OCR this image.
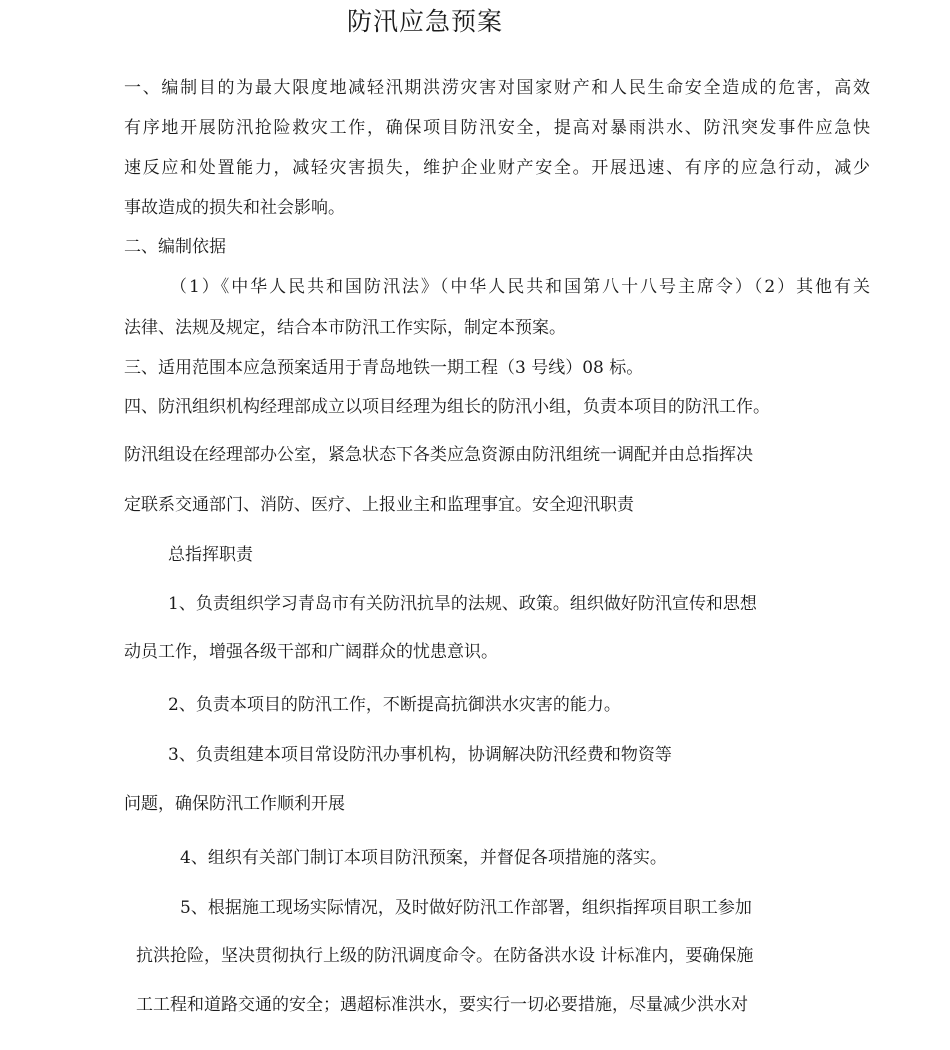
防汛应急预案
一、编制目的为最大限度地减轻汛期洪涝灾害对国家财产和人民生命安全造成的危害，高效
有序地开展防汛抢险救灾工作，确保项目防汛安全，提高对暴雨洪水、防汛突发事件应急快
速反应和处置能力，减轻灾害损失，维护企业财产安全。开展迅速、有序的应急行动，减少
事故造成的损失和社会影响。
二、编制依据
（1）《中华人民共和国防汛法》（中华人民共和国第八十八号主席令）（2）其他有关
法律、法规及规定，结合本市防汛工作实际，制定本预案。
三、适用范围本应急预案适用于青岛地铁一期工程（3 号线）08 标。
四、防汛组织机构经理部成立以项目经理为组长的防汛小组，负责本项目的防汛工作。
防汛组设在经理部办公室，紧急状态下各类应急资源由防汛组统一调配并由总指挥决
定联系交通部门、消防、医疗、上报业主和监理事宜。安全迎汛职责
总指挥职责
1、负责组织学习青岛市有关防汛抗旱的法规、政策。组织做好防汛宣传和思想
动员工作，增强各级干部和广阔群众的忧患意识。
2、负责本项目的防汛工作，不断提高抗御洪水灾害的能力。
3、负责组建本项目常设防汛办事机构，协调解决防汛经费和物资等
问题，确保防汛工作顺利开展
4、组织有关部门制订本项目防汛预案，并督促各项措施的落实。
5、根据施工现场实际情况，及时做好防汛工作部署，组织指挥项目职工参加
抗洪抢险，坚决贯彻执行上级的防汛调度命令。在防备洪水设 计标准内，要确保施
工工程和道路交通的安全；遇超标准洪水，要实行一切必要措施，尽量减少洪水对
